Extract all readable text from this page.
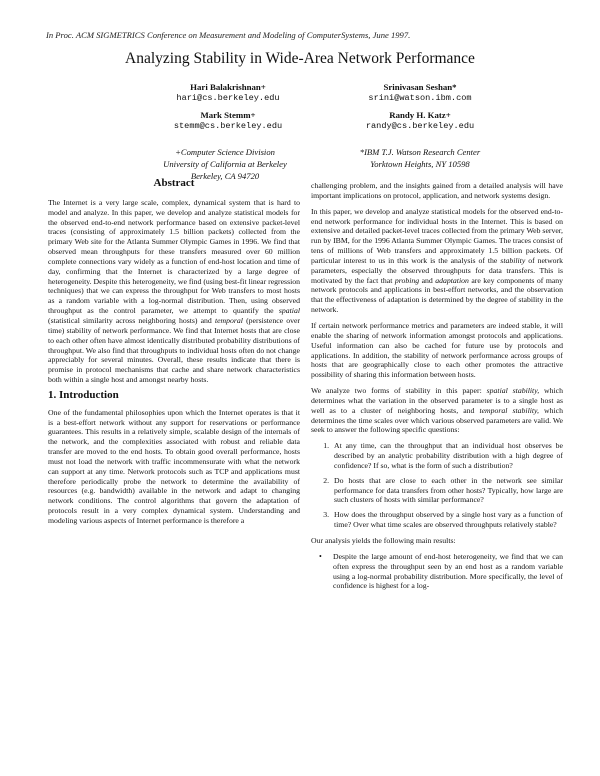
In Proc. ACM SIGMETRICS Conference on Measurement and Modeling of ComputerSystems, June 1997.
Analyzing Stability in Wide-Area Network Performance
Hari Balakrishnan+
hari@cs.berkeley.edu
Srinivasan Seshan*
srini@watson.ibm.com
Mark Stemm+
stemm@cs.berkeley.edu
Randy H. Katz+
randy@cs.berkeley.edu
+Computer Science Division
University of California at Berkeley
Berkeley, CA 94720
*IBM T.J. Watson Research Center
Yorktown Heights, NY 10598
Abstract

The Internet is a very large scale, complex, dynamical system that is hard to model and analyze. In this paper, we develop and analyze statistical models for the observed end-to-end network performance based on extensive packet-level traces (consisting of approximately 1.5 billion packets) collected from the primary Web site for the Atlanta Summer Olympic Games in 1996. We find that observed mean throughputs for these transfers measured over 60 million complete connections vary widely as a function of end-host location and time of day, confirming that the Internet is characterized by a large degree of heterogeneity. Despite this heterogeneity, we find (using best-fit linear regression techniques) that we can express the throughput for Web transfers to most hosts as a random variable with a log-normal distribution. Then, using observed throughput as the control parameter, we attempt to quantify the spatial (statistical similarity across neighboring hosts) and temporal (persistence over time) stability of network performance. We find that Internet hosts that are close to each other often have almost identically distributed probability distributions of throughput. We also find that throughputs to individual hosts often do not change appreciably for several minutes. Overall, these results indicate that there is promise in protocol mechanisms that cache and share network characteristics both within a single host and amongst nearby hosts.

1. Introduction

One of the fundamental philosophies upon which the Internet operates is that it is a best-effort network without any support for reservations or performance guarantees. This results in a relatively simple, scalable design of the internals of the network, and the complexities associated with robust and reliable data transfer are moved to the end hosts. To obtain good overall performance, hosts must not load the network with traffic incommensurate with what the network can support at any time. Network protocols such as TCP and applications must therefore periodically probe the network to determine the availability of resources (e.g. bandwidth) available in the network and adapt to changing network conditions. The control algorithms that govern the adaptation of protocols result in a very complex dynamical system. Understanding and modeling various aspects of Internet performance is therefore a

challenging problem, and the insights gained from a detailed analysis will have important implications on protocol, application, and network systems design.

In this paper, we develop and analyze statistical models for the observed end-to-end network performance for individual hosts in the Internet. This is based on extensive and detailed packet-level traces collected from the primary Web server, run by IBM, for the 1996 Atlanta Summer Olympic Games. The traces consist of tens of millions of Web transfers and approximately 1.5 billion packets. Of particular interest to us in this work is the analysis of the stability of network parameters, especially the observed throughputs for data transfers. This is motivated by the fact that probing and adaptation are key components of many network protocols and applications in best-effort networks, and the observation that the effectiveness of adaptation is determined by the degree of stability in the network.

If certain network performance metrics and parameters are indeed stable, it will enable the sharing of network information amongst protocols and applications. Useful information can also be cached for future use by protocols and applications. In addition, the stability of network performance across groups of hosts that are geographically close to each other promotes the attractive possibility of sharing this information between hosts.

We analyze two forms of stability in this paper: spatial stability, which determines what the variation in the observed parameter is to a single host as well as to a cluster of neighboring hosts, and temporal stability, which determines the time scales over which various observed parameters are valid. We seek to answer the following specific questions:

1. At any time, can the throughput that an individual host observes be described by an analytic probability distribution with a high degree of confidence? If so, what is the form of such a distribution?
2. Do hosts that are close to each other in the network see similar performance for data transfers from other hosts? Typically, how large are such clusters of hosts with similar performance?
3. How does the throughput observed by a single host vary as a function of time? Over what time scales are observed throughputs relatively stable?

Our analysis yields the following main results:

• Despite the large amount of end-host heterogeneity, we find that we can often express the throughput seen by an end host as a random variable using a log-normal probability distribution. More specifically, the level of confidence is highest for a log-
